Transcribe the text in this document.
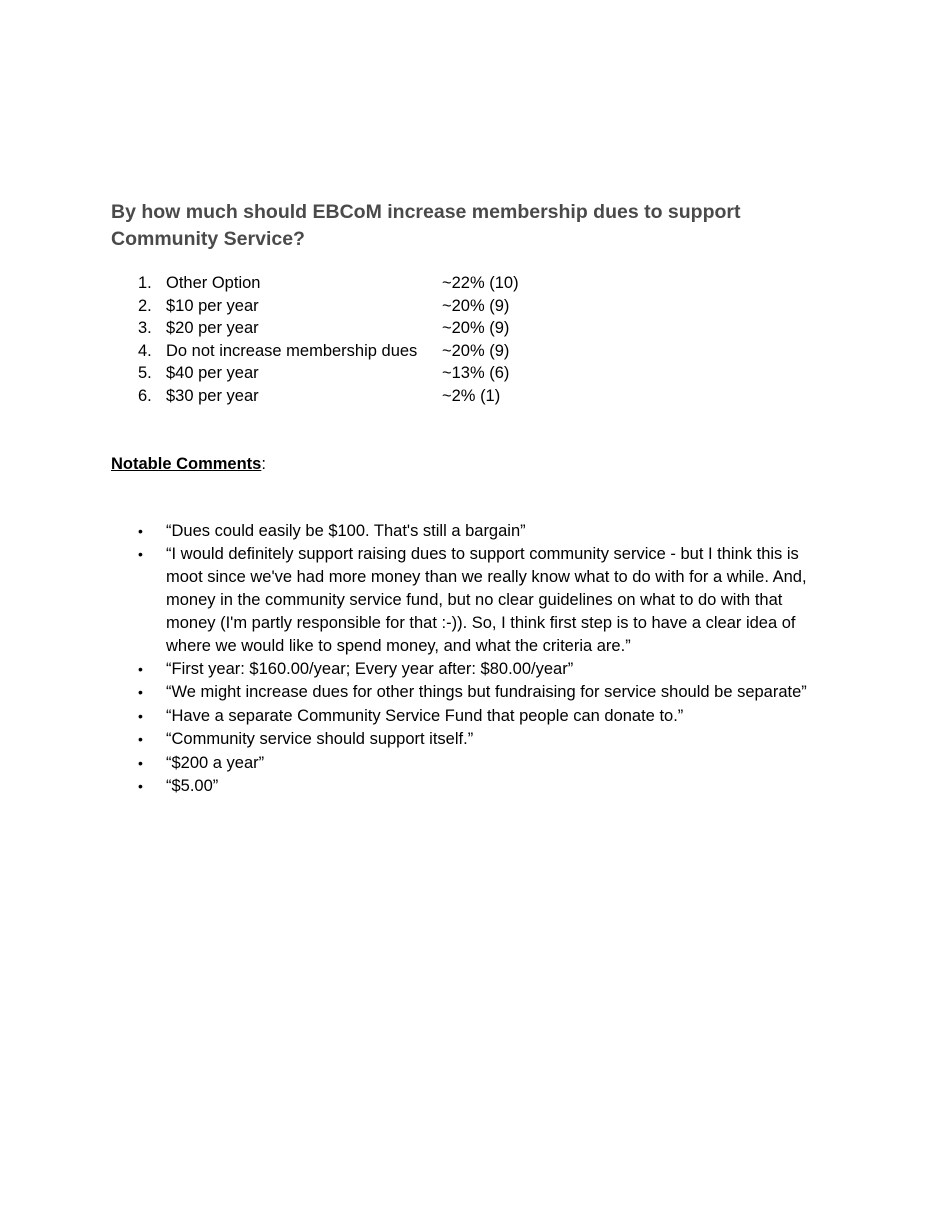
By how much should EBCoM increase membership dues to support Community Service?
1. Other Option	~22% (10)
2. $10 per year	~20% (9)
3. $20 per year	~20% (9)
4. Do not increase membership dues ~20% (9)
5. $40 per year	~13% (6)
6. $30 per year	~2% (1)

Notable Comments:

• “Dues could easily be $100. That's still a bargain”
• “I would definitely support raising dues to support community service - but I think this is moot since we've had more money than we really know what to do with for a while. And, money in the community service fund, but no clear guidelines on what to do with that money (I'm partly responsible for that :-)). So, I think first step is to have a clear idea of where we would like to spend money, and what the criteria are.”
• “First year: $160.00/year; Every year after: $80.00/year”
• “We might increase dues for other things but fundraising for service should be separate”
• “Have a separate Community Service Fund that people can donate to.”
• “Community service should support itself.”
• “$200 a year”
• “$5.00”
